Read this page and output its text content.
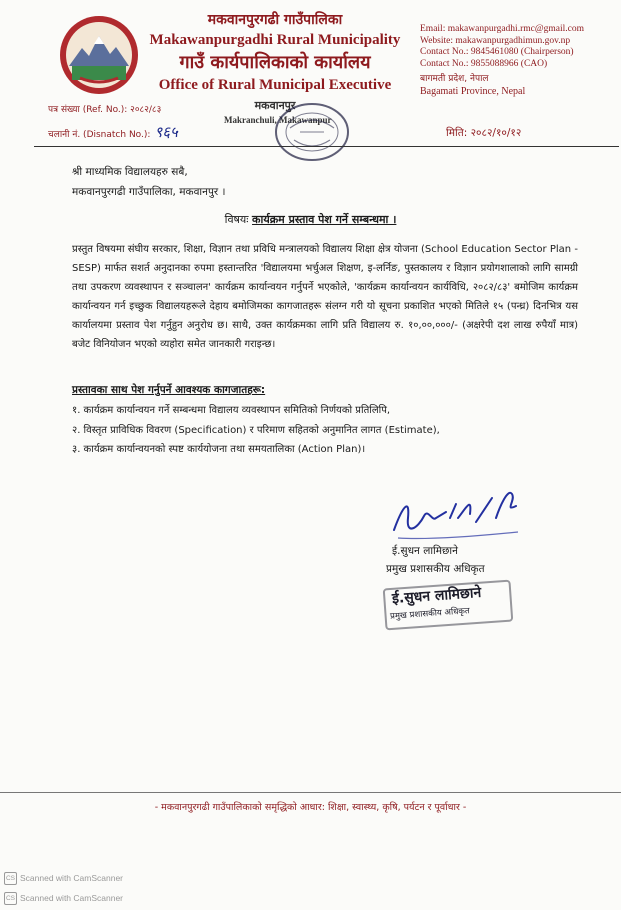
मकवानपुरगढी गाउँपालिका
Makawanpurgadhi Rural Municipality
गाउँ कार्यपालिकाको कार्यालय
Office of Rural Municipal Executive
मकवानपुर
Email: makawanpurgadhi.rmc@gmail.com
Website: makawanpurgadhimun.gov.np
Contact No.: 9845461080 (Chairperson)
Contact No.: 9855088966 (CAO)
बागमती प्रदेश, नेपाल
Bagamati Province, Nepal
पत्र संख्या (Ref. No.): २०८२/८३
चलानी नं. (Disnatch No.): ९६५
Makranchuli, Makawanpur
मिति: २०८२/१०/१२
श्री माध्यमिक विद्यालयहरु सबै,
मकवानपुरगढी गाउँपालिका, मकवानपुर ।
विषयः कार्यक्रम प्रस्ताव पेश गर्ने सम्बन्धमा ।
प्रस्तुत विषयमा संघीय सरकार, शिक्षा, विज्ञान तथा प्रविधि मन्त्रालयको विद्यालय शिक्षा क्षेत्र योजना (School Education Sector Plan - SESP) मार्फत सशर्त अनुदानका रुपमा हस्तान्तरित 'विद्यालयमा भर्चुअल शिक्षण, इ-लर्निङ, पुस्तकालय र विज्ञान प्रयोगशालाको लागि सामग्री तथा उपकरण व्यवस्थापन र सञ्चालन' कार्यक्रम कार्यान्वयन गर्नुपर्ने भएकोले, 'कार्यक्रम कार्यान्वयन कार्यविधि, २०८२/८३' बमोजिम कार्यक्रम कार्यान्वयन गर्न इच्छुक विद्यालयहरूले देहाय बमोजिमका कागजातहरू संलग्न गरी यो सूचना प्रकाशित भएको मितिले १५ (पन्ध्र) दिनभित्र यस कार्यालयमा प्रस्ताव पेश गर्नुहुन अनुरोध छ। साथै, उक्त कार्यक्रमका लागि प्रति विद्यालय रु. १०,००,०००/- (अक्षरेपी दश लाख रुपैयाँ मात्र) बजेट विनियोजन भएको व्यहोरा समेत जानकारी गराइन्छ।
प्रस्तावका साथ पेश गर्नुपर्ने आवश्यक कागजातहरू:
१. कार्यक्रम कार्यान्वयन गर्ने सम्बन्धमा विद्यालय व्यवस्थापन समितिको निर्णयको प्रतिलिपि,
२. विस्तृत प्राविधिक विवरण (Specification) र परिमाण सहितको अनुमानित लागत (Estimate),
३. कार्यक्रम कार्यान्वयनको स्पष्ट कार्ययोजना तथा समयतालिका (Action Plan)।
ई.सुधन लामिछाने
प्रमुख प्रशासकीय अधिकृत
ई.सुधन लामिछाने
प्रमुख प्रशासकीय अधिकृत
- मकवानपुरगढी गाउँपालिकाको समृद्धिको आधार: शिक्षा, स्वास्थ्य, कृषि, पर्यटन र पूर्वाधार -
CS Scanned with CamScanner
CS Scanned with CamScanner
